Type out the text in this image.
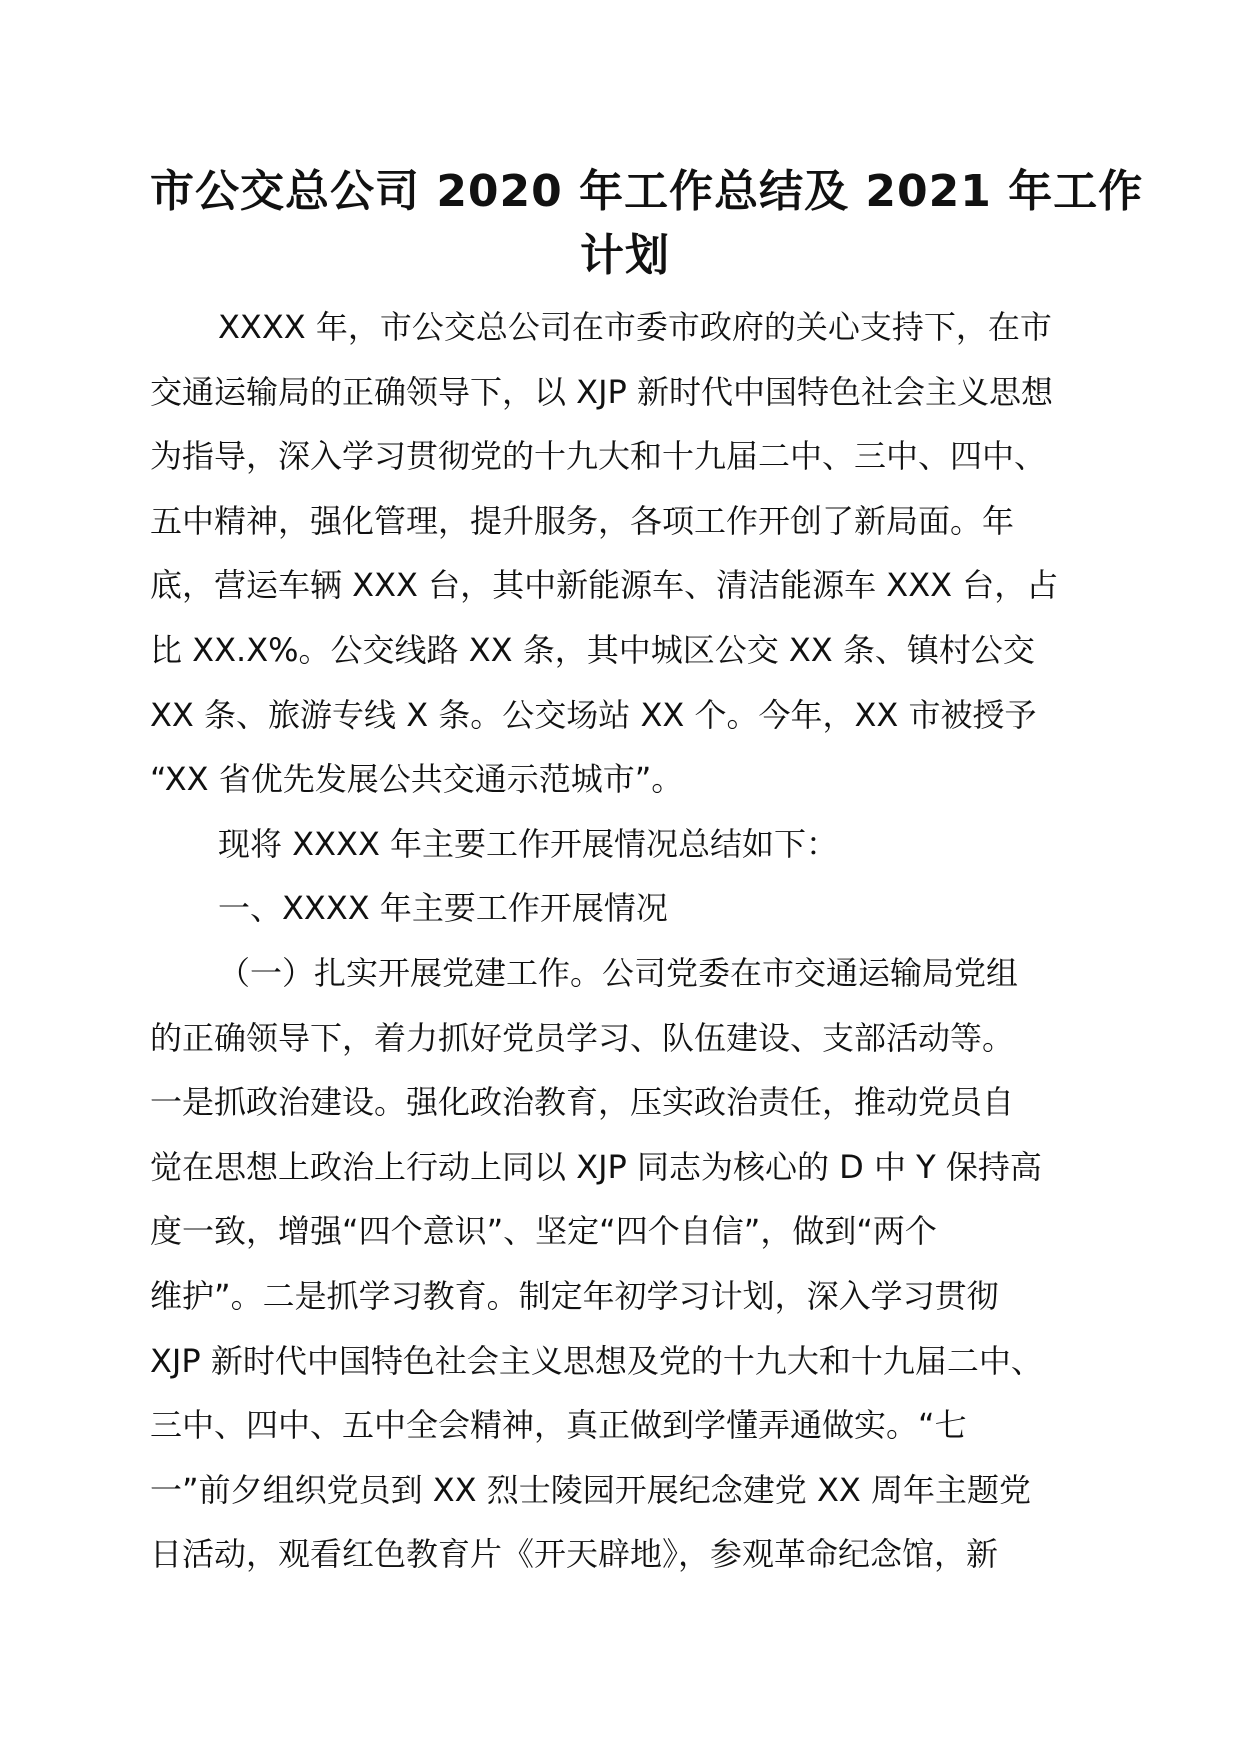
市公交总公司 2020 年工作总结及 2021 年工作
计划
XXXX 年，市公交总公司在市委市政府的关心支持下，在市
交通运输局的正确领导下，以 XJP 新时代中国特色社会主义思想
为指导，深入学习贯彻党的十九大和十九届二中、三中、四中、
五中精神，强化管理，提升服务，各项工作开创了新局面。年
底，营运车辆 XXX 台，其中新能源车、清洁能源车 XXX 台，占
比 XX.X%。公交线路 XX 条，其中城区公交 XX 条、镇村公交
XX 条、旅游专线 X 条。公交场站 XX 个。今年，XX 市被授予
“XX 省优先发展公共交通示范城市”。
现将 XXXX 年主要工作开展情况总结如下：
一、XXXX 年主要工作开展情况
（一）扎实开展党建工作。公司党委在市交通运输局党组
的正确领导下，着力抓好党员学习、队伍建设、支部活动等。
一是抓政治建设。强化政治教育，压实政治责任，推动党员自
觉在思想上政治上行动上同以 XJP 同志为核心的 D 中 Y 保持高
度一致，增强“四个意识”、坚定“四个自信”，做到“两个
维护”。二是抓学习教育。制定年初学习计划，深入学习贯彻
XJP 新时代中国特色社会主义思想及党的十九大和十九届二中、
三中、四中、五中全会精神，真正做到学懂弄通做实。“七
一”前夕组织党员到 XX 烈士陵园开展纪念建党 XX 周年主题党
日活动，观看红色教育片《开天辟地》，参观革命纪念馆，新
